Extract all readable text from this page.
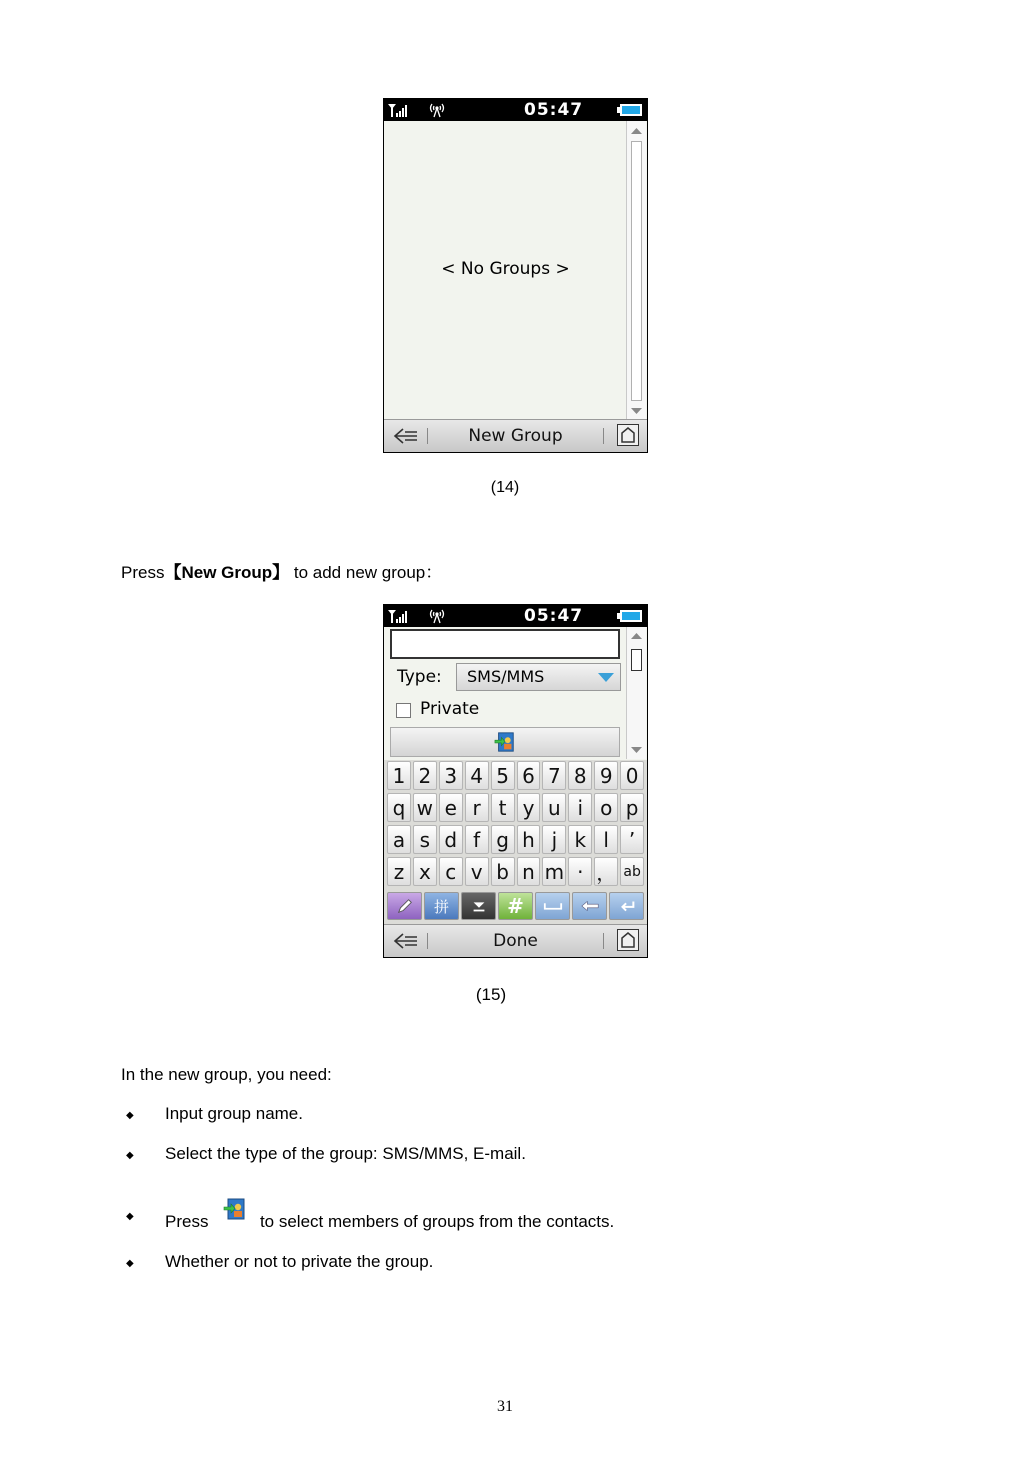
05:47
< No Groups >
New Group
(14)
Press【New Group】 to add new group：
05:47
Type:	SMS/MMS
Private
1 2 3 4 5 6 7 8 9 0
q w e r t y u i o p
a s d f g h j k l ’
z x c v b n m · ， ab
拼	#
Done
(15)
In the new group, you need:
◆ Input group name.
◆ Select the type of the group: SMS/MMS, E-mail.
◆ Press	to select members of groups from the contacts.
◆ Whether or not to private the group.
31
